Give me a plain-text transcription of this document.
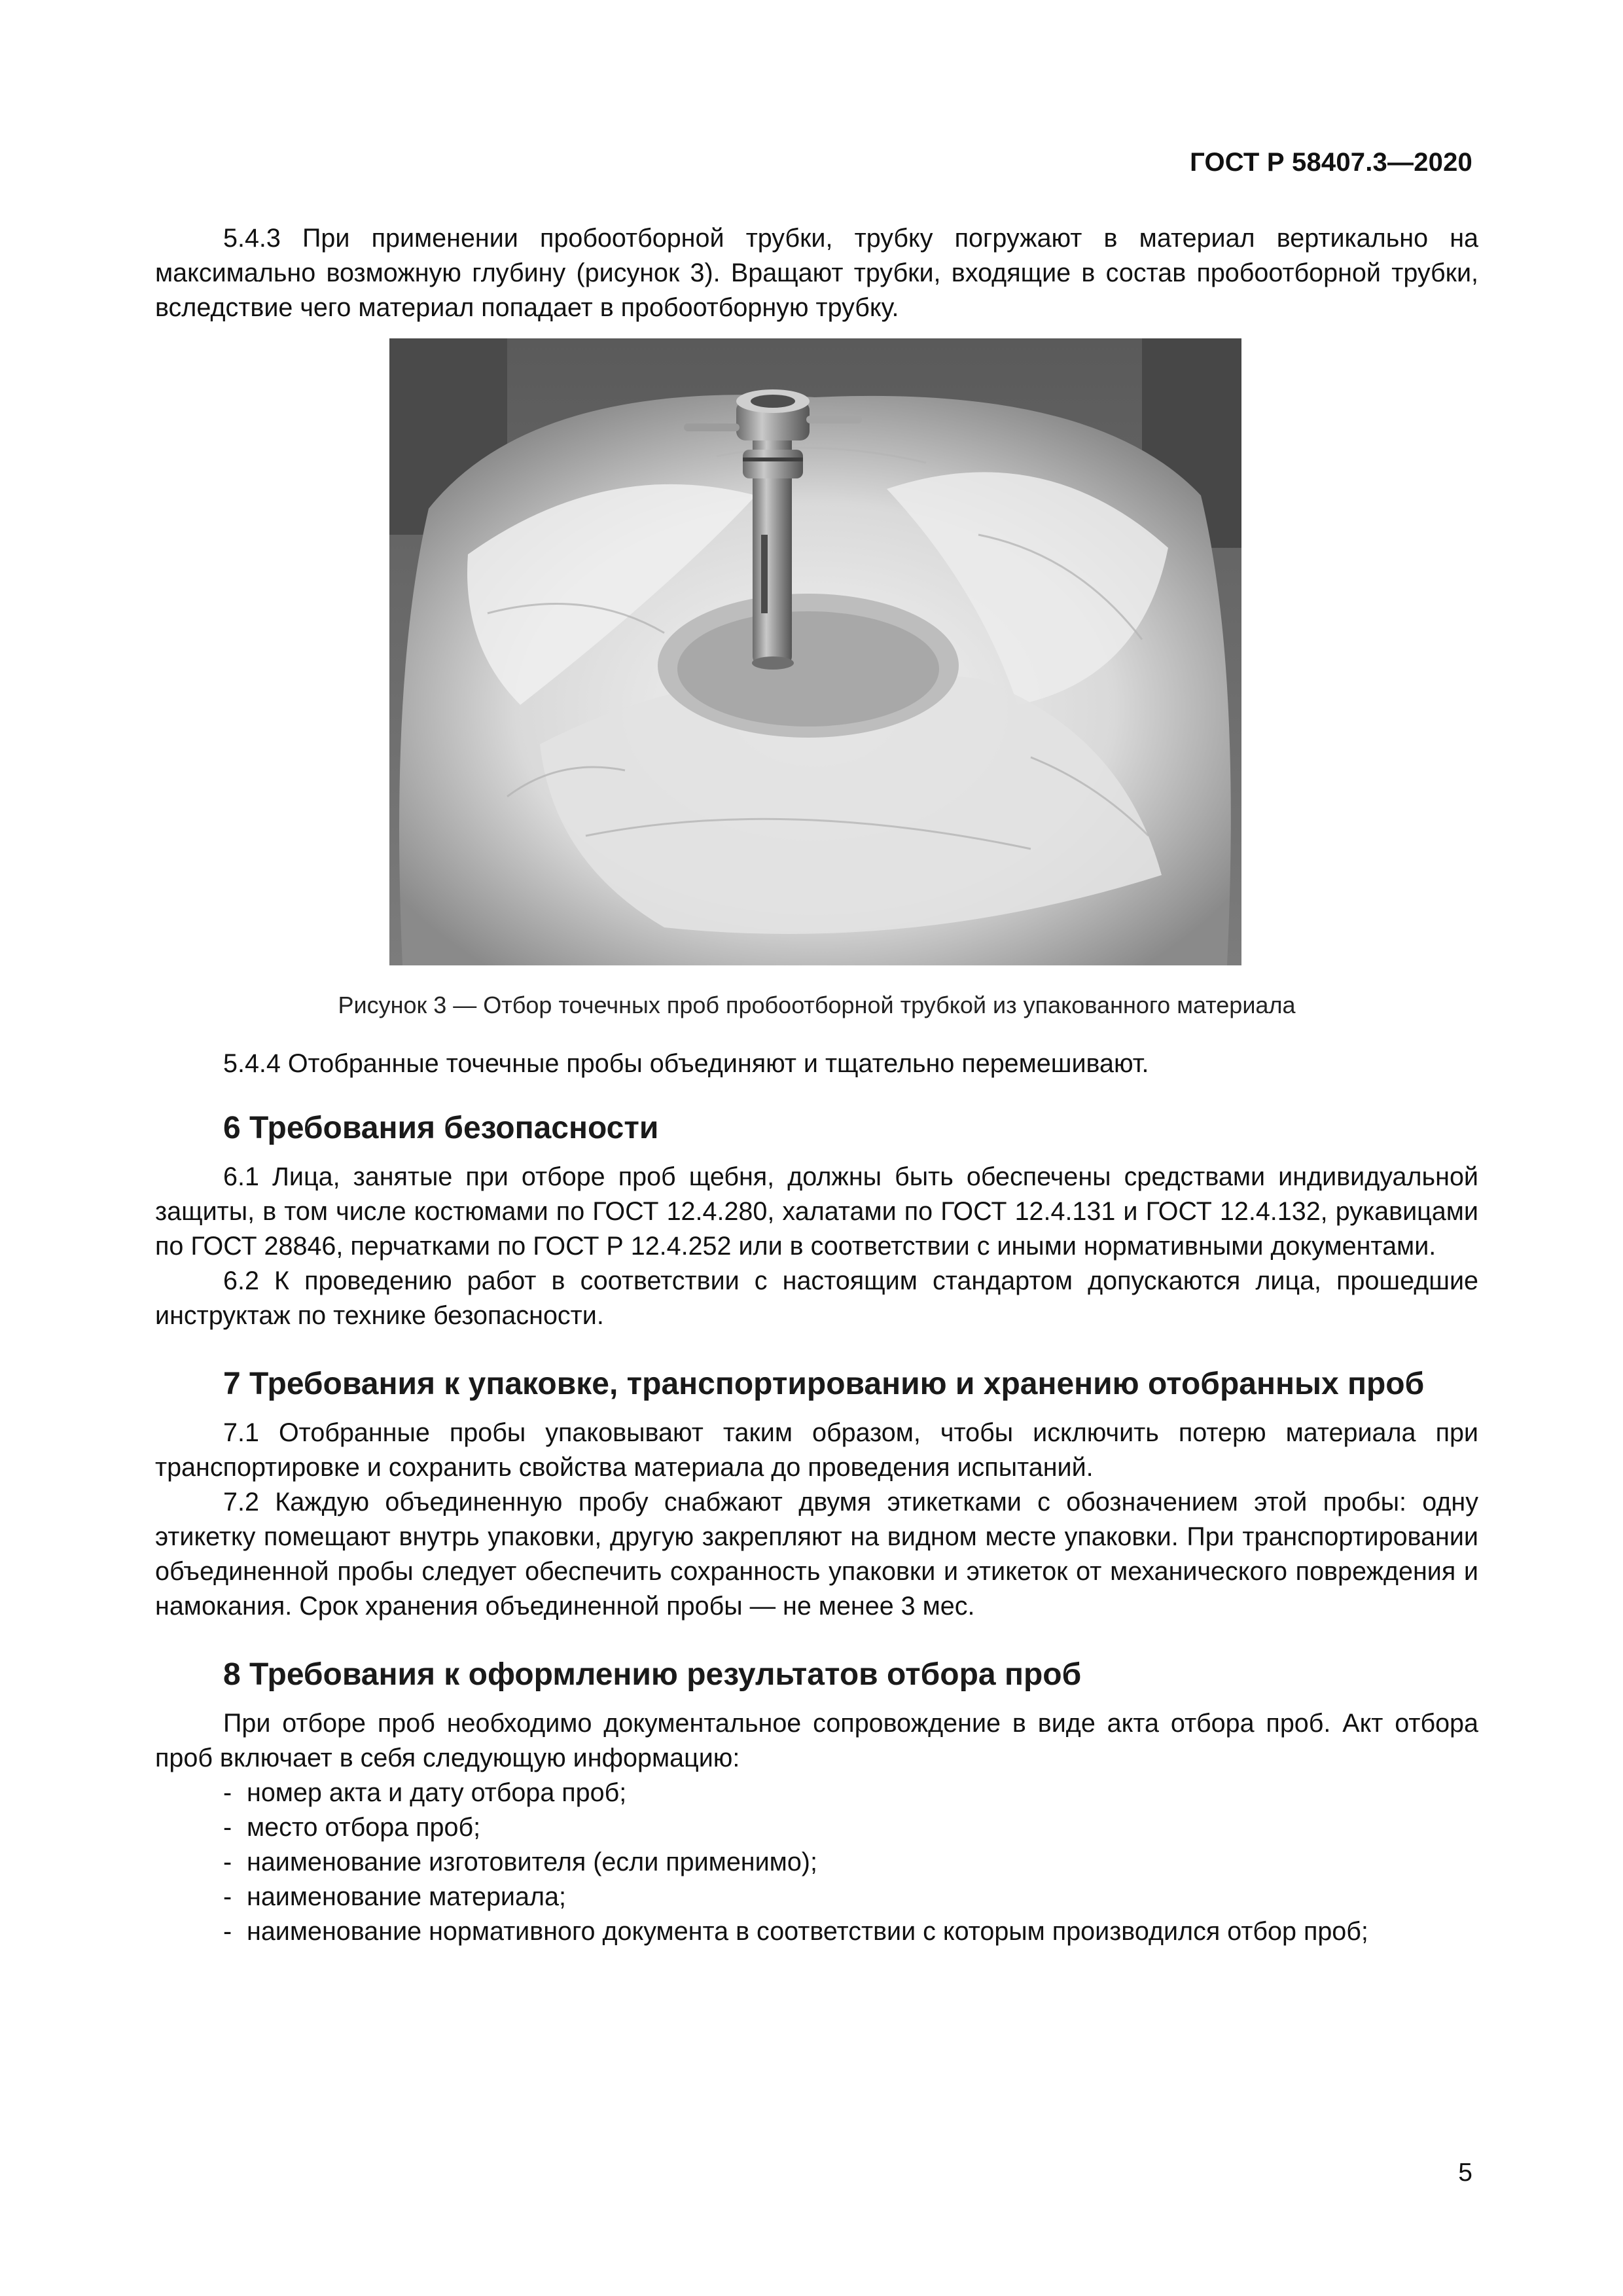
ГОСТ Р 58407.3—2020

5.4.3 При применении пробоотборной трубки, трубку погружают в материал вертикально на максимально возможную глубину (рисунок 3). Вращают трубки, входящие в состав пробоотборной трубки, вследствие чего материал попадает в пробоотборную трубку.

Рисунок 3 — Отбор точечных проб пробоотборной трубкой из упакованного материала

5.4.4 Отобранные точечные пробы объединяют и тщательно перемешивают.

6 Требования безопасности

6.1 Лица, занятые при отборе проб щебня, должны быть обеспечены средствами индивидуальной защиты, в том числе костюмами по ГОСТ 12.4.280, халатами по ГОСТ 12.4.131 и ГОСТ 12.4.132, рукавицами по ГОСТ 28846, перчатками по ГОСТ Р 12.4.252 или в соответствии с иными нормативными документами.

6.2 К проведению работ в соответствии с настоящим стандартом допускаются лица, прошедшие инструктаж по технике безопасности.

7 Требования к упаковке, транспортированию и хранению отобранных проб

7.1 Отобранные пробы упаковывают таким образом, чтобы исключить потерю материала при транспортировке и сохранить свойства материала до проведения испытаний.

7.2 Каждую объединенную пробу снабжают двумя этикетками с обозначением этой пробы: одну этикетку помещают внутрь упаковки, другую закрепляют на видном месте упаковки. При транспортировании объединенной пробы следует обеспечить сохранность упаковки и этикеток от механического повреждения и намокания. Срок хранения объединенной пробы — не менее 3 мес.

8 Требования к оформлению результатов отбора проб

При отборе проб необходимо документальное сопровождение в виде акта отбора проб. Акт отбора проб включает в себя следующую информацию:

- номер акта и дату отбора проб;
- место отбора проб;
- наименование изготовителя (если применимо);
- наименование материала;
- наименование нормативного документа в соответствии с которым производился отбор проб;
5
